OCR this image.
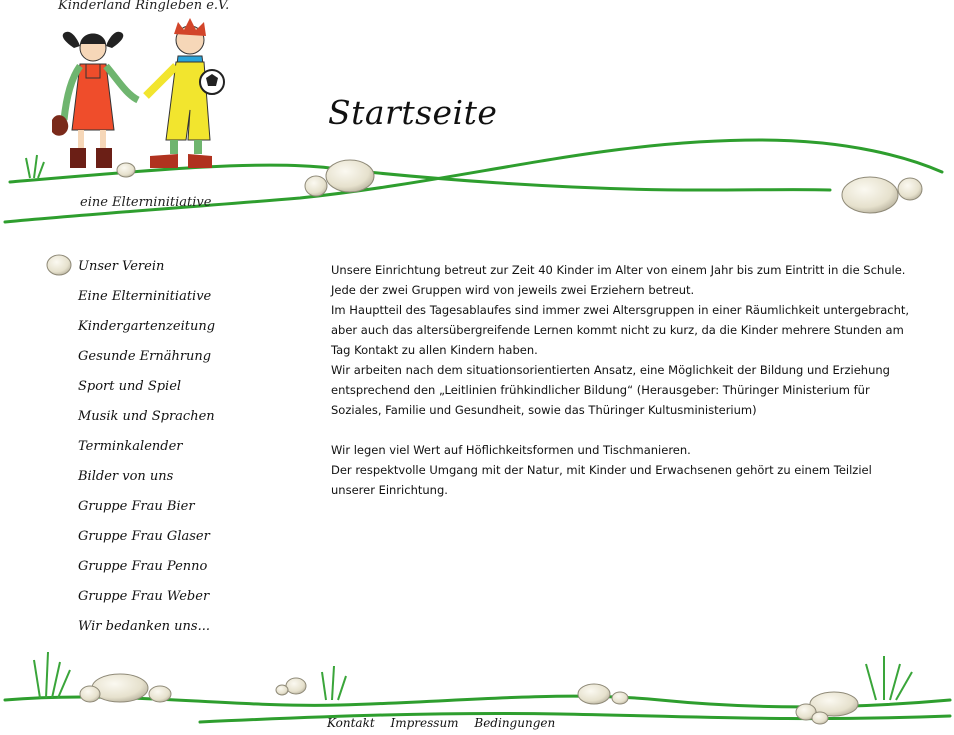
Kinderland Ringleben e.V.
eine Elterninitiative
Startseite
Unser Verein
Eine Elterninitiative
Kindergartenzeitung
Gesunde Ernährung
Sport und Spiel
Musik und Sprachen
Terminkalender
Bilder von uns
Gruppe Frau Bier
Gruppe Frau Glaser
Gruppe Frau Penno
Gruppe Frau Weber
Wir bedanken uns...

Unsere Einrichtung betreut zur Zeit 40 Kinder im Alter von einem Jahr bis zum Eintritt in die Schule.

Jede der zwei Gruppen wird von jeweils zwei Erziehern betreut.

Im Hauptteil des Tagesablaufes sind immer zwei Altersgruppen in einer Räumlichkeit untergebracht, aber auch das altersübergreifende Lernen kommt nicht zu kurz, da die Kinder mehrere Stunden am Tag Kontakt zu allen Kindern haben.

Wir arbeiten nach dem situationsorientierten Ansatz, eine Möglichkeit der Bildung und Erziehung entsprechend den „Leitlinien frühkindlicher Bildung“ (Herausgeber: Thüringer Ministerium für Soziales, Familie und Gesundheit, sowie das Thüringer Kultusministerium)

Wir legen viel Wert auf Höflichkeitsformen und Tischmanieren.

Der respektvolle Umgang mit der Natur, mit Kinder und Erwachsenen gehört zu einem Teilziel unserer Einrichtung.

Kontakt Impressum Bedingungen
